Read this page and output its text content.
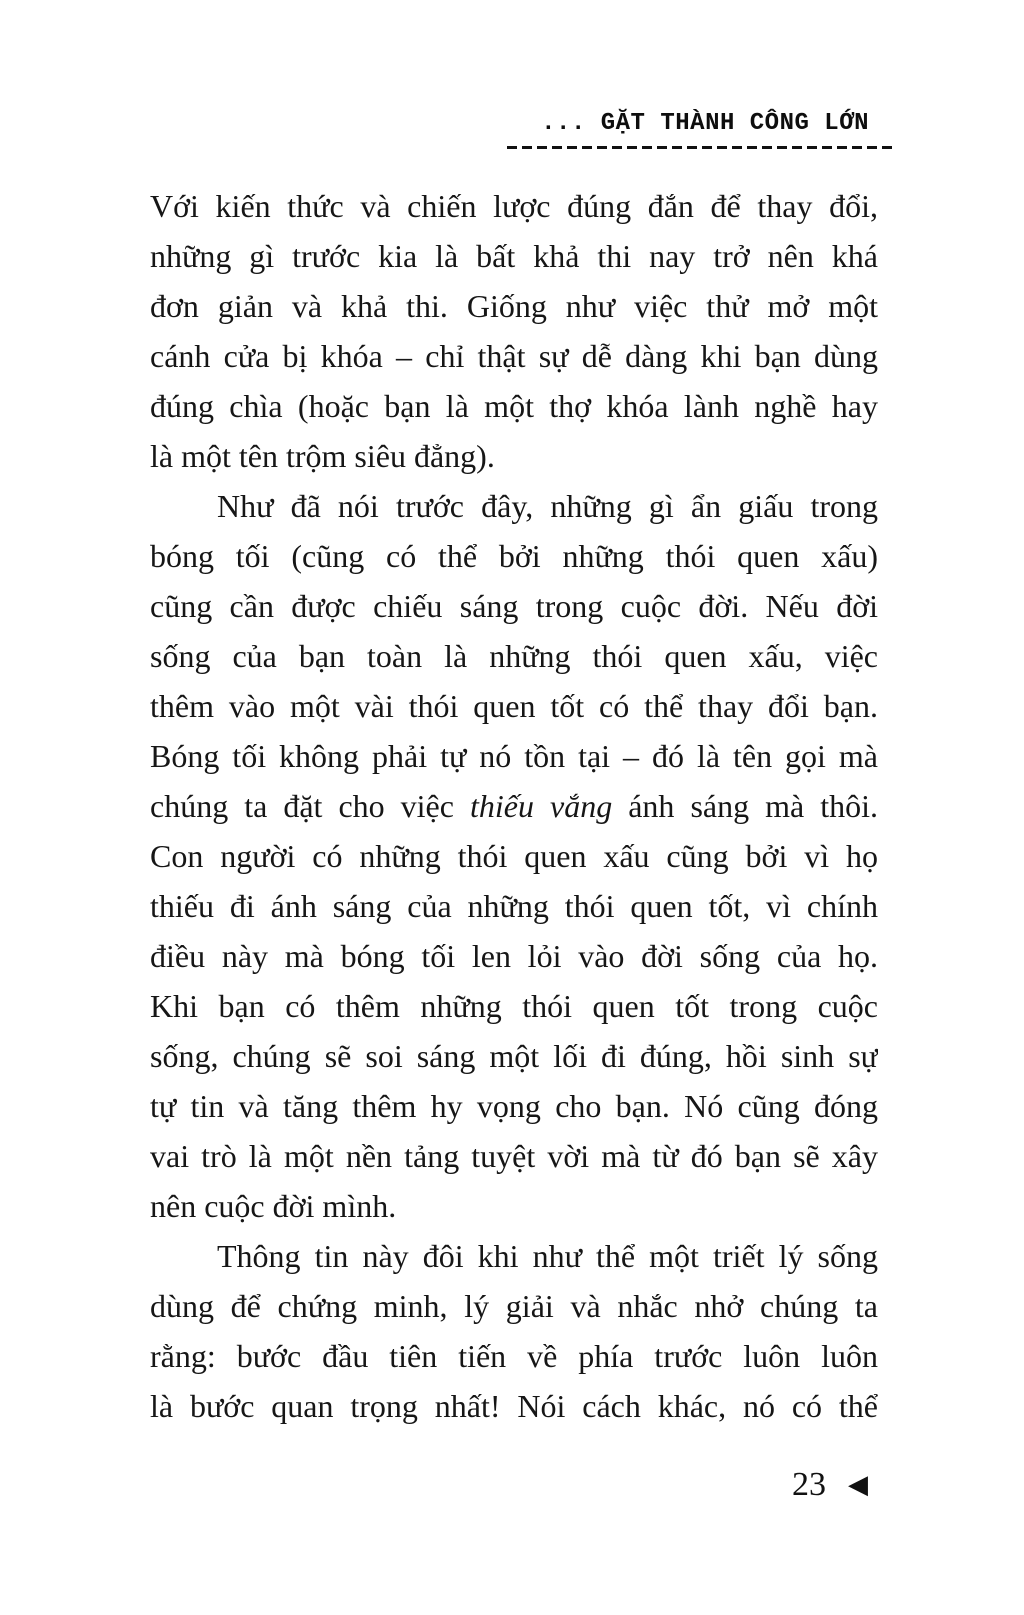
... GẶT THÀNH CÔNG LỚN
Với kiến thức và chiến lược đúng đắn để thay đổi,
những gì trước kia là bất khả thi nay trở nên khá
đơn giản và khả thi. Giống như việc thử mở một
cánh cửa bị khóa – chỉ thật sự dễ dàng khi bạn dùng
đúng chìa (hoặc bạn là một thợ khóa lành nghề hay
là một tên trộm siêu đẳng).
Như đã nói trước đây, những gì ẩn giấu trong
bóng tối (cũng có thể bởi những thói quen xấu)
cũng cần được chiếu sáng trong cuộc đời. Nếu đời
sống của bạn toàn là những thói quen xấu, việc
thêm vào một vài thói quen tốt có thể thay đổi bạn.
Bóng tối không phải tự nó tồn tại – đó là tên gọi mà
chúng ta đặt cho việc thiếu vắng ánh sáng mà thôi.
Con người có những thói quen xấu cũng bởi vì họ
thiếu đi ánh sáng của những thói quen tốt, vì chính
điều này mà bóng tối len lỏi vào đời sống của họ.
Khi bạn có thêm những thói quen tốt trong cuộc
sống, chúng sẽ soi sáng một lối đi đúng, hồi sinh sự
tự tin và tăng thêm hy vọng cho bạn. Nó cũng đóng
vai trò là một nền tảng tuyệt vời mà từ đó bạn sẽ xây
nên cuộc đời mình.
Thông tin này đôi khi như thể một triết lý sống
dùng để chứng minh, lý giải và nhắc nhở chúng ta
rằng: bước đầu tiên tiến về phía trước luôn luôn
là bước quan trọng nhất! Nói cách khác, nó có thể
23 ◀
